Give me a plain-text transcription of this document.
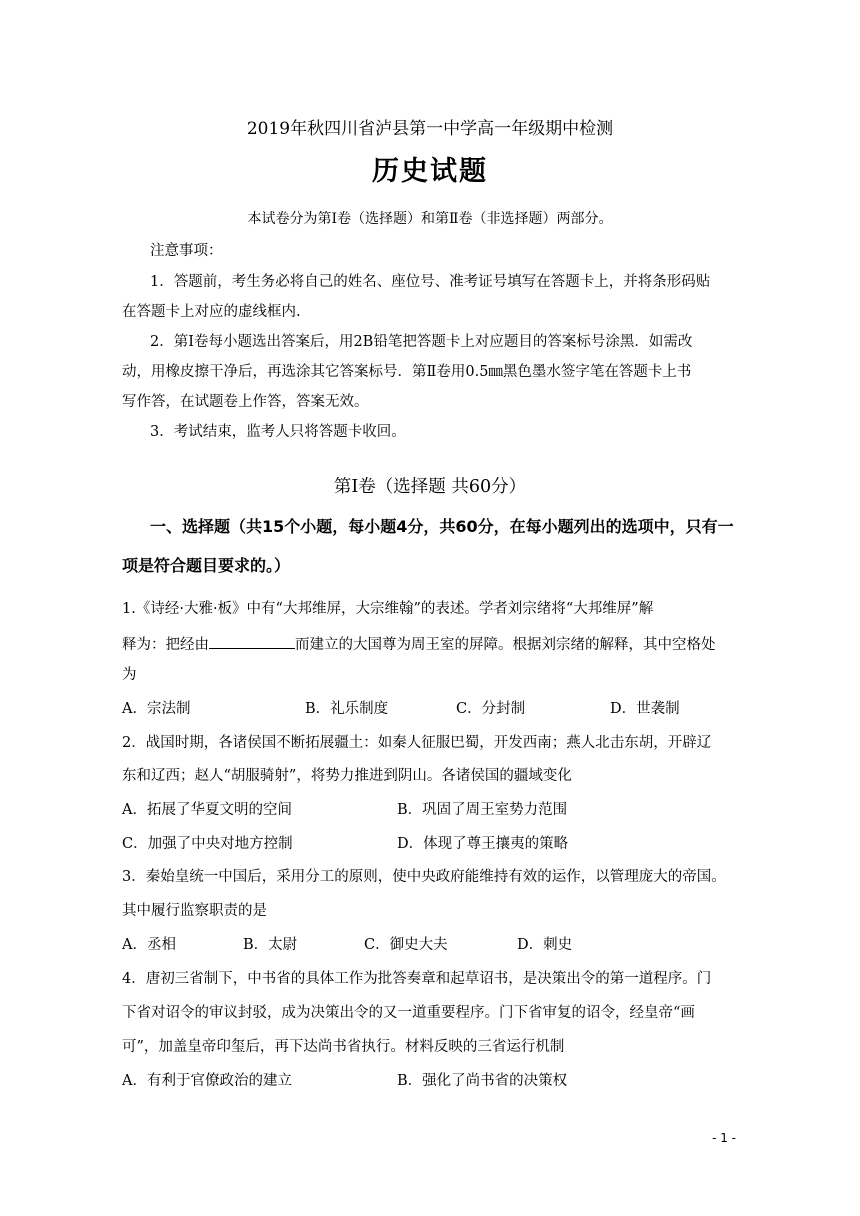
2019年秋四川省泸县第一中学高一年级期中检测
历史试题
本试卷分为第Ⅰ卷（选择题）和第Ⅱ卷（非选择题）两部分。
注意事项：
1．答题前，考生务必将自己的姓名、座位号、准考证号填写在答题卡上，并将条形码贴
在答题卡上对应的虚线框内.
2．第Ⅰ卷每小题选出答案后，用2B铅笔把答题卡上对应题目的答案标号涂黑．如需改
动，用橡皮擦干净后，再选涂其它答案标号．第Ⅱ卷用0.5㎜黑色墨水签字笔在答题卡上书
写作答，在试题卷上作答，答案无效。
3．考试结束，监考人只将答题卡收回。
第Ⅰ卷（选择题 共60分）
一、选择题（共15个小题，每小题4分，共60分，在每小题列出的选项中，只有一
项是符合题目要求的。）
1.《诗经·大雅·板》中有“大邦维屏，大宗维翰”的表述。学者刘宗绪将“大邦维屏”解
释为：把经由	而建立的大国尊为周王室的屏障。根据刘宗绪的解释，其中空格处
为
A．宗法制	B．礼乐制度	C．分封制	D．世袭制
2．战国时期，各诸侯国不断拓展疆土：如秦人征服巴蜀，开发西南；燕人北击东胡，开辟辽
东和辽西；赵人“胡服骑射”，将势力推进到阴山。各诸侯国的疆域变化
A．拓展了华夏文明的空间	B．巩固了周王室势力范围
C．加强了中央对地方控制	D．体现了尊王攘夷的策略
3．秦始皇统一中国后，采用分工的原则，使中央政府能维持有效的运作，以管理庞大的帝国。
其中履行监察职责的是
A．丞相	B．太尉	C．御史大夫	D．刺史
4．唐初三省制下，中书省的具体工作为批答奏章和起草诏书，是决策出令的第一道程序。门
下省对诏令的审议封驳，成为决策出令的又一道重要程序。门下省审复的诏令，经皇帝“画
可”，加盖皇帝印玺后，再下达尚书省执行。材料反映的三省运行机制
A．有利于官僚政治的建立	B．强化了尚书省的决策权
- 1 -
